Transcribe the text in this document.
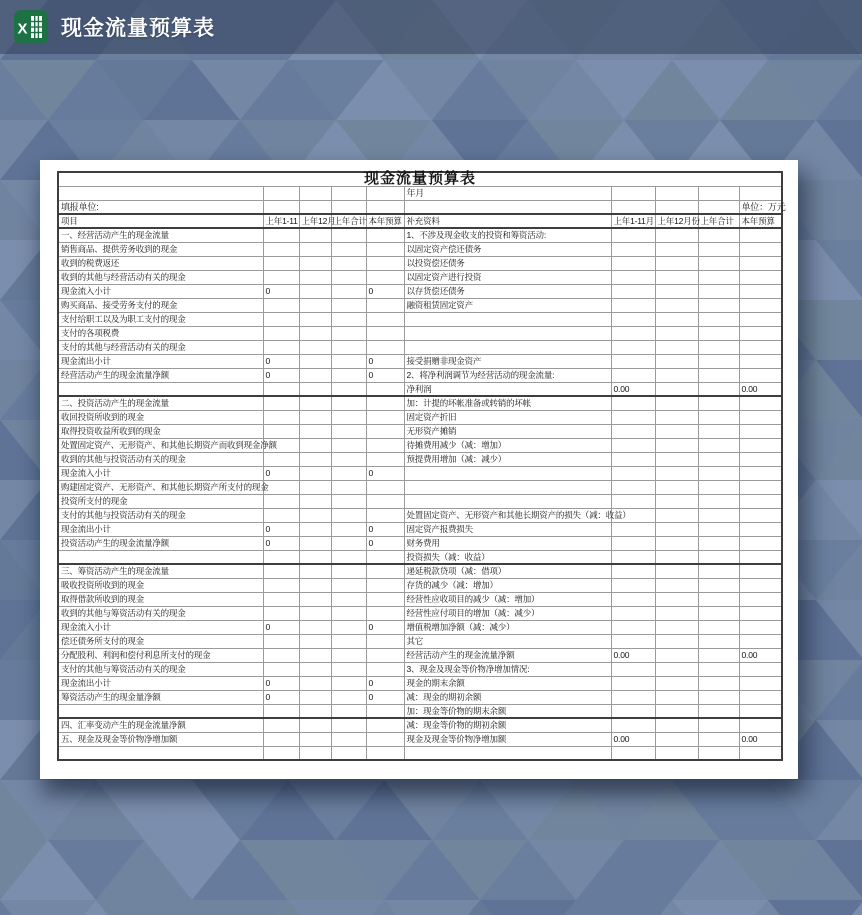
X 现金流量预算表
现金流量预算表									
					年月				
填报单位:									单位：万元
项目	上年1-11	上年12月	上年合计	本年预算	补充资料	上年1-11月	上年12月份	上年合计	本年预算
一、经营活动产生的现金流量					1、不涉及现金收支的投资和筹资活动:				
销售商品、提供劳务收到的现金					以固定资产偿还债务				
收到的税费返还					以投资偿还债务				
收到的其他与经营活动有关的现金					以固定资产进行投资				
现金流入小计	0			0	以存货偿还债务				
购买商品、接受劳务支付的现金					融资租赁固定资产				
支付给职工以及为职工支付的现金									
支付的各项税费									
支付的其他与经营活动有关的现金									
现金流出小计	0			0	接受捐赠非现金资产				
经营活动产生的现金流量净额	0			0	2、将净利润调节为经营活动的现金流量:				
					净利润	0.00			0.00
二、投资活动产生的现金流量					加：计提的坏帐准备或转销的坏帐				
收回投资所收到的现金					固定资产折旧				
取得投资收益所收到的现金					无形资产摊销				
处置固定资产、无形资产、和其他长期资产而收到现金净额					待摊费用减少（减：增加）				
收到的其他与投资活动有关的现金					预提费用增加（减：减少）				
现金流入小计	0			0					
购建固定资产、无形资产、和其他长期资产所支付的现金									
投资所支付的现金									
支付的其他与投资活动有关的现金					处置固定资产、无形资产和其他长期资产的损失（减：收益）				
现金流出小计	0			0	固定资产报费损失				
投资活动产生的现金流量净额	0			0	财务费用				
					投资损失（减：收益）				
三、筹资活动产生的现金流量					递延税款贷项（减：借项）				
吸收投资所收到的现金					存货的减少（减：增加）				
取得借款所收到的现金					经营性应收项目的减少（减：增加）				
收到的其他与筹资活动有关的现金					经营性应付项目的增加（减：减少）				
现金流入小计	0			0	增值税增加净额（减：减少）				
偿还债务所支付的现金					其它				
分配股利、利润和偿付利息所支付的现金					经营活动产生的现金流量净额	0.00			0.00
支付的其他与筹资活动有关的现金					3、现金及现金等价物净增加情况:				
现金流出小计	0			0	现金的期末余额				
筹资活动产生的现金量净额	0			0	减：现金的期初余额				
					加：现金等价物的期末余额				
四、汇率变动产生的现金流量净额					减：现金等价物的期初余额				
五、现金及现金等价物净增加额					现金及现金等价物净增加额	0.00			0.00
